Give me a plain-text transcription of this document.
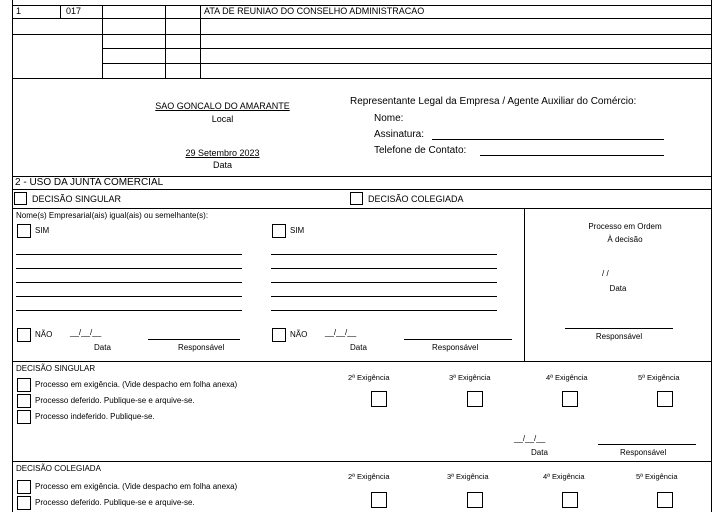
1	017	ATA DE REUNIAO DO CONSELHO ADMINISTRACAO
SAO GONCALO DO AMARANTE
Local
29 Setembro 2023
Data
Representante Legal da Empresa / Agente Auxiliar do Comércio:
Nome:
Assinatura:
Telefone de Contato:
2 - USO DA JUNTA COMERCIAL
DECISÃO SINGULAR	DECISÃO COLEGIADA
Nome(s) Empresarial(ais) igual(ais) ou semelhante(s):
SIM	SIM
NÃO __/__/__
Data	Responsável
NÃO __/__/__
Data	Responsável
Processo em Ordem
À decisão
/ /
Data
Responsável
DECISÃO SINGULAR
Processo em exigência. (Vide despacho em folha anexa)
Processo deferido. Publique-se e arquive-se.
Processo indeferido. Publique-se.
2ª Exigência	3ª Exigência	4ª Exigência	5ª Exigência
__/__/__
Data	Responsável
DECISÃO COLEGIADA
Processo em exigência. (Vide despacho em folha anexa)
Processo deferido. Publique-se e arquive-se.
2ª Exigência	3ª Exigência	4ª Exigência	5ª Exigência
